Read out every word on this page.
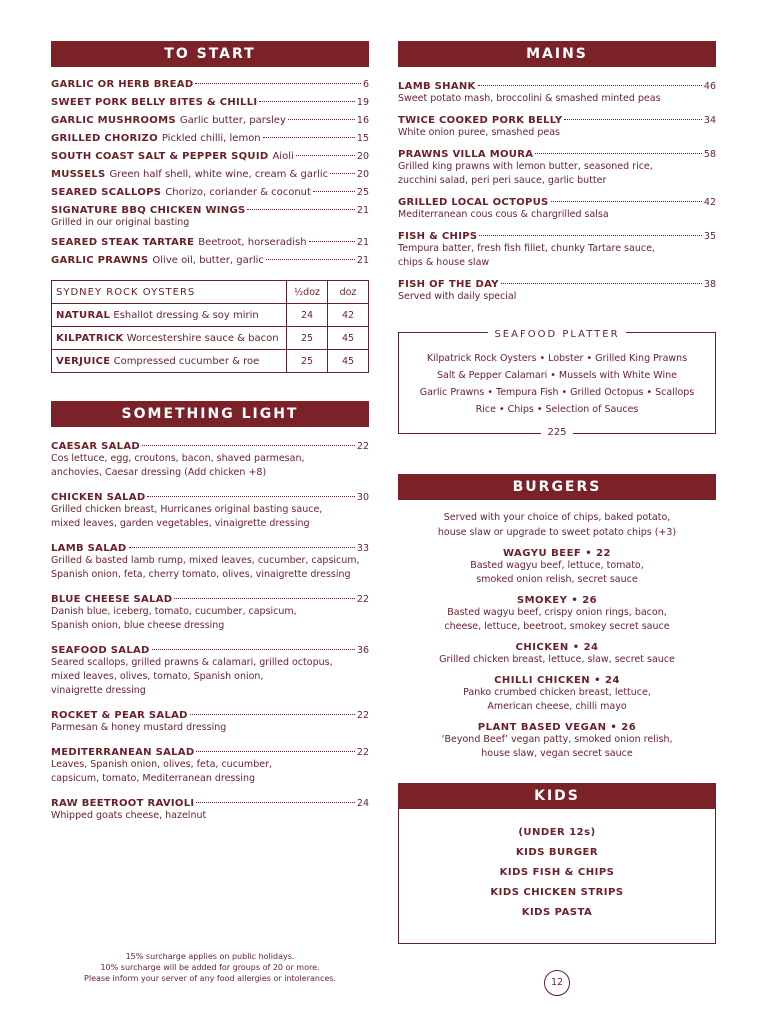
TO START
GARLIC OR HERB BREAD	6
SWEET PORK BELLY BITES & CHILLI	19
GARLIC MUSHROOMS Garlic butter, parsley	16
GRILLED CHORIZO Pickled chilli, lemon	15
SOUTH COAST SALT & PEPPER SQUID Aioli	20
MUSSELS Green half shell, white wine, cream & garlic	20
SEARED SCALLOPS Chorizo, coriander & coconut	25
SIGNATURE BBQ CHICKEN WINGS	21
Grilled in our original basting
SEARED STEAK TARTARE Beetroot, horseradish	21
GARLIC PRAWNS Olive oil, butter, garlic	21
SYDNEY ROCK OYSTERS	½doz	doz
NATURAL Eshallot dressing & soy mirin	24	42
KILPATRICK Worcestershire sauce & bacon	25	45
VERJUICE Compressed cucumber & roe	25	45
SOMETHING LIGHT
CAESAR SALAD	22
Cos lettuce, egg, croutons, bacon, shaved parmesan,
anchovies, Caesar dressing (Add chicken +8)
CHICKEN SALAD	30
Grilled chicken breast, Hurricanes original basting sauce,
mixed leaves, garden vegetables, vinaigrette dressing
LAMB SALAD	33
Grilled & basted lamb rump, mixed leaves, cucumber, capsicum,
Spanish onion, feta, cherry tomato, olives, vinaigrette dressing
BLUE CHEESE SALAD	22
Danish blue, iceberg, tomato, cucumber, capsicum,
Spanish onion, blue cheese dressing
SEAFOOD SALAD	36
Seared scallops, grilled prawns & calamari, grilled octopus,
mixed leaves, olives, tomato, Spanish onion,
vinaigrette dressing
ROCKET & PEAR SALAD	22
Parmesan & honey mustard dressing
MEDITERRANEAN SALAD	22
Leaves, Spanish onion, olives, feta, cucumber,
capsicum, tomato, Mediterranean dressing
RAW BEETROOT RAVIOLI	24
Whipped goats cheese, hazelnut
15% surcharge applies on public holidays.
10% surcharge will be added for groups of 20 or more.
Please inform your server of any food allergies or intolerances.
MAINS
LAMB SHANK	46
Sweet potato mash, broccolini & smashed minted peas
TWICE COOKED PORK BELLY	34
White onion puree, smashed peas
PRAWNS VILLA MOURA	58
Grilled king prawns with lemon butter, seasoned rice,
zucchini salad, peri peri sauce, garlic butter
GRILLED LOCAL OCTOPUS	42
Mediterranean cous cous & chargrilled salsa
FISH & CHIPS	35
Tempura batter, fresh fish fillet, chunky Tartare sauce,
chips & house slaw
FISH OF THE DAY	38
Served with daily special
SEAFOOD PLATTER
Kilpatrick Rock Oysters • Lobster • Grilled King Prawns
Salt & Pepper Calamari • Mussels with White Wine
Garlic Prawns • Tempura Fish • Grilled Octopus • Scallops
Rice • Chips • Selection of Sauces
225
BURGERS
Served with your choice of chips, baked potato,
house slaw or upgrade to sweet potato chips (+3)
WAGYU BEEF • 22
Basted wagyu beef, lettuce, tomato,
smoked onion relish, secret sauce
SMOKEY • 26
Basted wagyu beef, crispy onion rings, bacon,
cheese, lettuce, beetroot, smokey secret sauce
CHICKEN • 24
Grilled chicken breast, lettuce, slaw, secret sauce
CHILLI CHICKEN • 24
Panko crumbed chicken breast, lettuce,
American cheese, chilli mayo
PLANT BASED VEGAN • 26
‘Beyond Beef’ vegan patty, smoked onion relish,
house slaw, vegan secret sauce
KIDS
(UNDER 12s)
KIDS BURGER
KIDS FISH & CHIPS
KIDS CHICKEN STRIPS
KIDS PASTA
12
